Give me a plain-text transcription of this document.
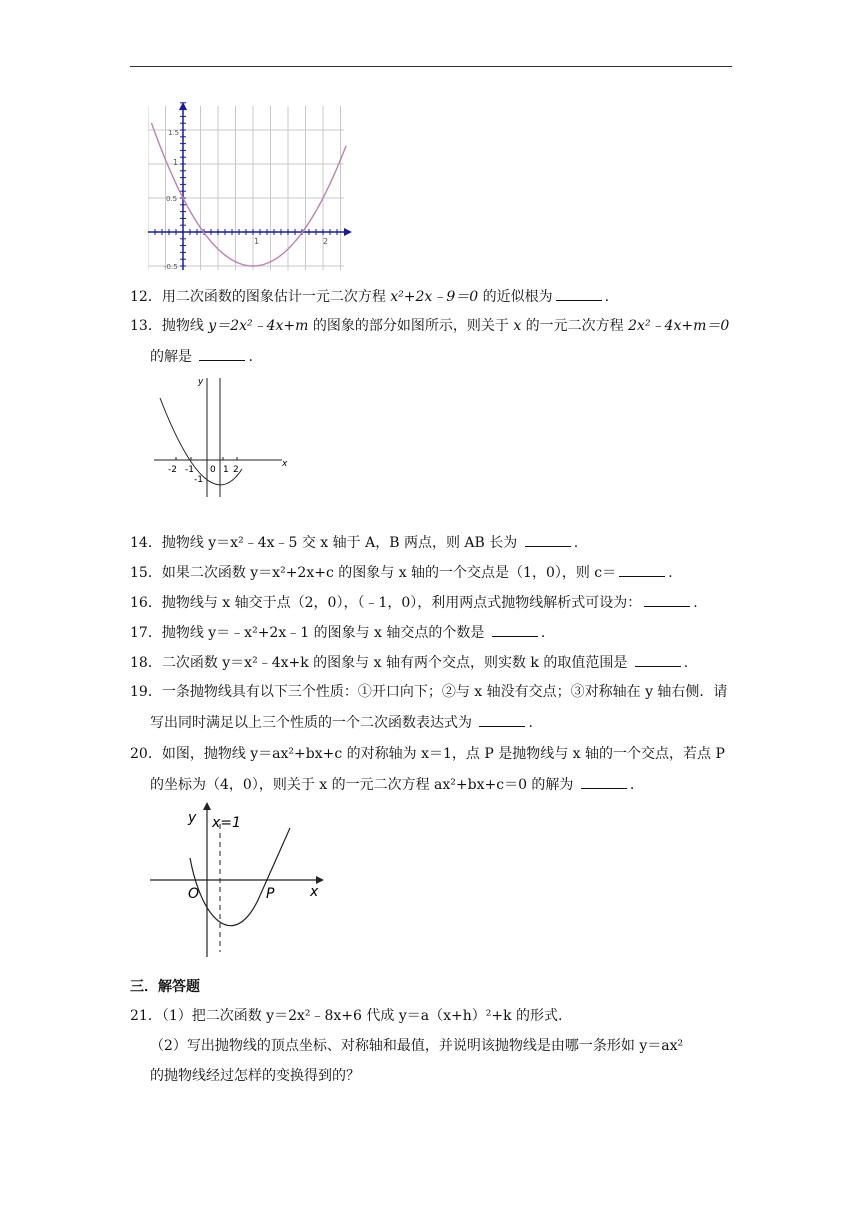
1.5
1
0.5
-0.5
1	2
12．用二次函数的图象估计一元二次方程 x²+2x﹣9＝0 的近似根为	.
13．抛物线 y＝2x²﹣4x+m 的图象的部分如图所示，则关于 x 的一元二次方程 2x²﹣4x+m＝0
的解是	.
y
x
-2 -1 0 1 2
-1
14．抛物线 y＝x²﹣4x﹣5 交 x 轴于 A，B 两点，则 AB 长为	.
15．如果二次函数 y＝x²+2x+c 的图象与 x 轴的一个交点是（1，0），则 c＝	.
16．抛物线与 x 轴交于点（2，0），（﹣1，0），利用两点式抛物线解析式可设为：	.
17．抛物线 y＝﹣x²+2x﹣1 的图象与 x 轴交点的个数是	.
18．二次函数 y＝x²﹣4x+k 的图象与 x 轴有两个交点，则实数 k 的取值范围是	.
19．一条抛物线具有以下三个性质：①开口向下；②与 x 轴没有交点；③对称轴在 y 轴右侧．请
写出同时满足以上三个性质的一个二次函数表达式为	.
20．如图，抛物线 y＝ax²+bx+c 的对称轴为 x＝1，点 P 是抛物线与 x 轴的一个交点，若点 P
的坐标为（4，0），则关于 x 的一元二次方程 ax²+bx+c＝0 的解为	.
y
x
x=1
O	P
三．解答题
21．（1）把二次函数 y＝2x²﹣8x+6 代成 y＝a（x+h）²+k 的形式.
（2）写出抛物线的顶点坐标、对称轴和最值，并说明该抛物线是由哪一条形如 y＝ax²
的抛物线经过怎样的变换得到的？
